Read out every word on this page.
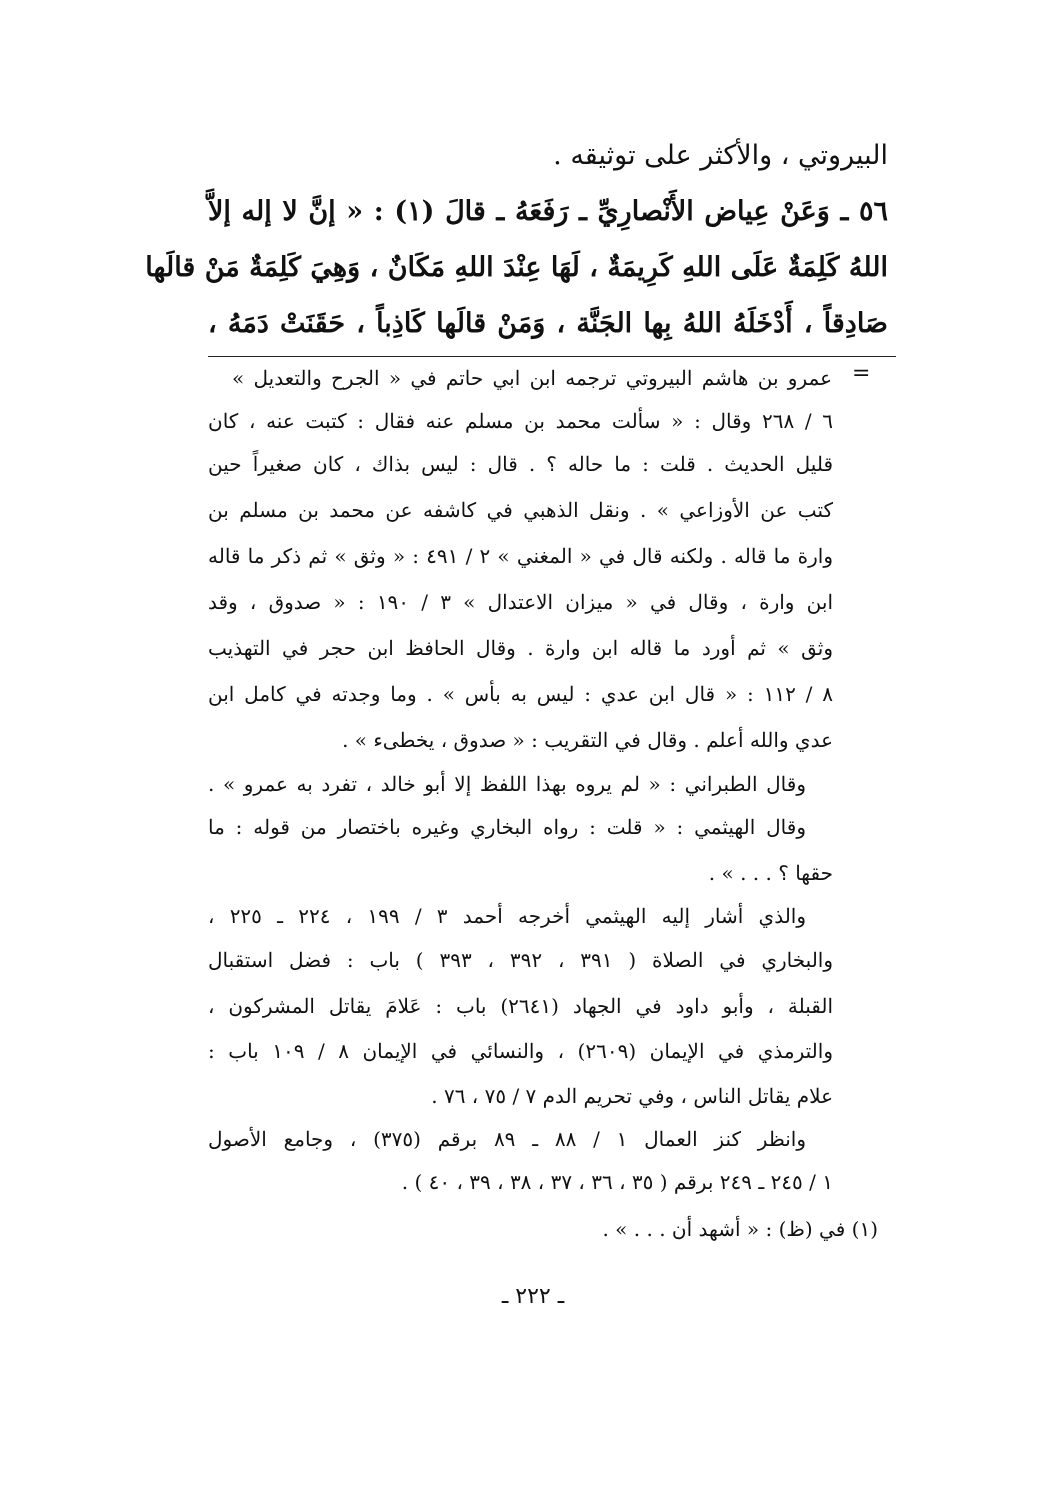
البيروتي ، والأكثر على توثيقه .
٥٦ ـ وَعَنْ عِياض الأَنْصارِيِّ ـ رَفَعَهُ ـ قالَ (١) : « إنَّ لا إله إلاَّ
اللهُ كَلِمَةٌ عَلَى اللهِ كَرِيمَةٌ ، لَهَا عِنْدَ اللهِ مَكَانٌ ، وَهِيَ كَلِمَةٌ مَنْ قالَها
صَادِقاً ، أَدْخَلَهُ اللهُ بِها الجَنَّة ، وَمَنْ قالَها كَاذِباً ، حَقَنَتْ دَمَهُ ،
=
عمرو بن هاشم البيروتي ترجمه ابن ابي حاتم في « الجرح والتعديل »
٦ / ٢٦٨ وقال : « سألت محمد بن مسلم عنه فقال : كتبت عنه ، كان
قليل الحديث . قلت : ما حاله ؟ . قال : ليس بذاك ، كان صغيراً حين
كتب عن الأوزاعي » . ونقل الذهبي في كاشفه عن محمد بن مسلم بن
وارة ما قاله . ولكنه قال في « المغني » ٢ / ٤٩١ : « وثق » ثم ذكر ما قاله
ابن وارة ، وقال في « ميزان الاعتدال » ٣ / ١٩٠ : « صدوق ، وقد
وثق » ثم أورد ما قاله ابن وارة . وقال الحافظ ابن حجر في التهذيب
٨ / ١١٢ : « قال ابن عدي : ليس به بأس » . وما وجدته في كامل ابن
عدي والله أعلم . وقال في التقريب : « صدوق ، يخطىء » .
وقال الطبراني : « لم يروه بهذا اللفظ إلا أبو خالد ، تفرد به عمرو » .
وقال الهيثمي : « قلت : رواه البخاري وغيره باختصار من قوله : ما
حقها ؟ . . . » .
والذي أشار إليه الهيثمي أخرجه أحمد ٣ / ١٩٩ ، ٢٢٤ ـ ٢٢٥ ،
والبخاري في الصلاة ( ٣٩١ ، ٣٩٢ ، ٣٩٣ ) باب : فضل استقبال
القبلة ، وأبو داود في الجهاد (٢٦٤١) باب : عَلامَ يقاتل المشركون ،
والترمذي في الإيمان (٢٦٠٩) ، والنسائي في الإيمان ٨ / ١٠٩ باب :
علام يقاتل الناس ، وفي تحريم الدم ٧ / ٧٥ ، ٧٦ .
وانظر كنز العمال ١ / ٨٨ ـ ٨٩ برقم (٣٧٥) ، وجامع الأصول
١ / ٢٤٥ ـ ٢٤٩ برقم ( ٣٥ ، ٣٦ ، ٣٧ ، ٣٨ ، ٣٩ ، ٤٠ ) .
(١) في (ظ) : « أشهد أن . . . » .
ـ ٢٢٢ ـ
